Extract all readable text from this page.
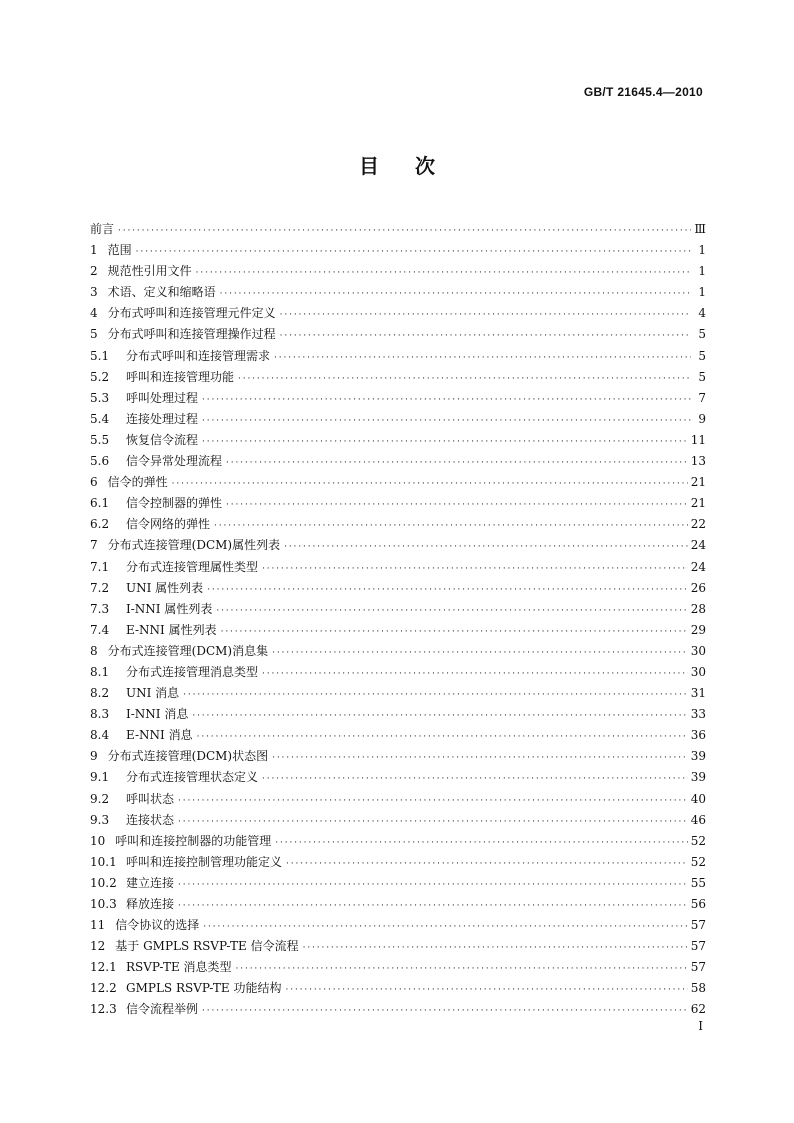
GB/T 21645.4—2010
目次
前言 · · ·	Ⅲ
1 范围 · · ·	1
2 规范性引用文件 · · ·	1
3 术语、定义和缩略语 · · ·	1
4 分布式呼叫和连接管理元件定义 · · ·	4
5 分布式呼叫和连接管理操作过程 · · ·	5
5.1	分布式呼叫和连接管理需求 · · ·	5
5.2	呼叫和连接管理功能 · · ·	5
5.3	呼叫处理过程 · · ·	7
5.4	连接处理过程 · · ·	9
5.5	恢复信令流程 · · ·	11
5.6	信令异常处理流程 · · ·	13
6 信令的弹性 · · ·	21
6.1	信令控制器的弹性 · · ·	21
6.2	信令网络的弹性 · · ·	22
7 分布式连接管理(DCM)属性列表 · · ·	24
7.1	分布式连接管理属性类型 · · ·	24
7.2	UNI 属性列表 · · ·	26
7.3	I-NNI 属性列表 · · ·	28
7.4	E-NNI 属性列表 · · ·	29
8 分布式连接管理(DCM)消息集 · · ·	30
8.1	分布式连接管理消息类型 · · ·	30
8.2	UNI 消息 · · ·	31
8.3	I-NNI 消息 · · ·	33
8.4	E-NNI 消息 · · ·	36
9 分布式连接管理(DCM)状态图 · · ·	39
9.1	分布式连接管理状态定义 · · ·	39
9.2	呼叫状态 · · ·	40
9.3	连接状态 · · ·	46
10 呼叫和连接控制器的功能管理 · · ·	52
10.1 呼叫和连接控制管理功能定义 · · ·	52
10.2 建立连接 · · ·	55
10.3 释放连接 · · ·	56
11 信令协议的选择 · · ·	57
12 基于 GMPLS RSVP-TE 信令流程 · · ·	57
12.1 RSVP-TE 消息类型 · · ·	57
12.2 GMPLS RSVP-TE 功能结构 · · ·	58
12.3 信令流程举例 · · ·	62
I
